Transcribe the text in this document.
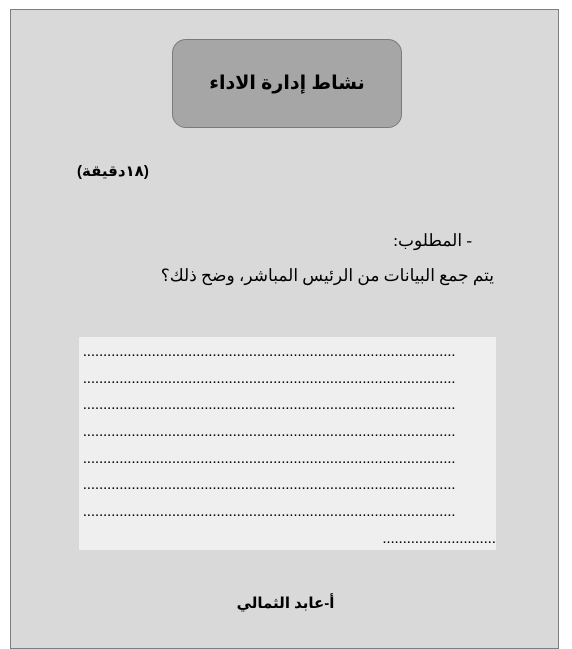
نشاط إدارة الاداء
(١٨دقيقة)
- المطلوب:
يتم جمع البيانات من الرئيس المباشر، وضح ذلك؟
............................................................................................
............................................................................................
............................................................................................
............................................................................................
............................................................................................
............................................................................................
............................................................................................
............................
أ-عابد الثمالي
